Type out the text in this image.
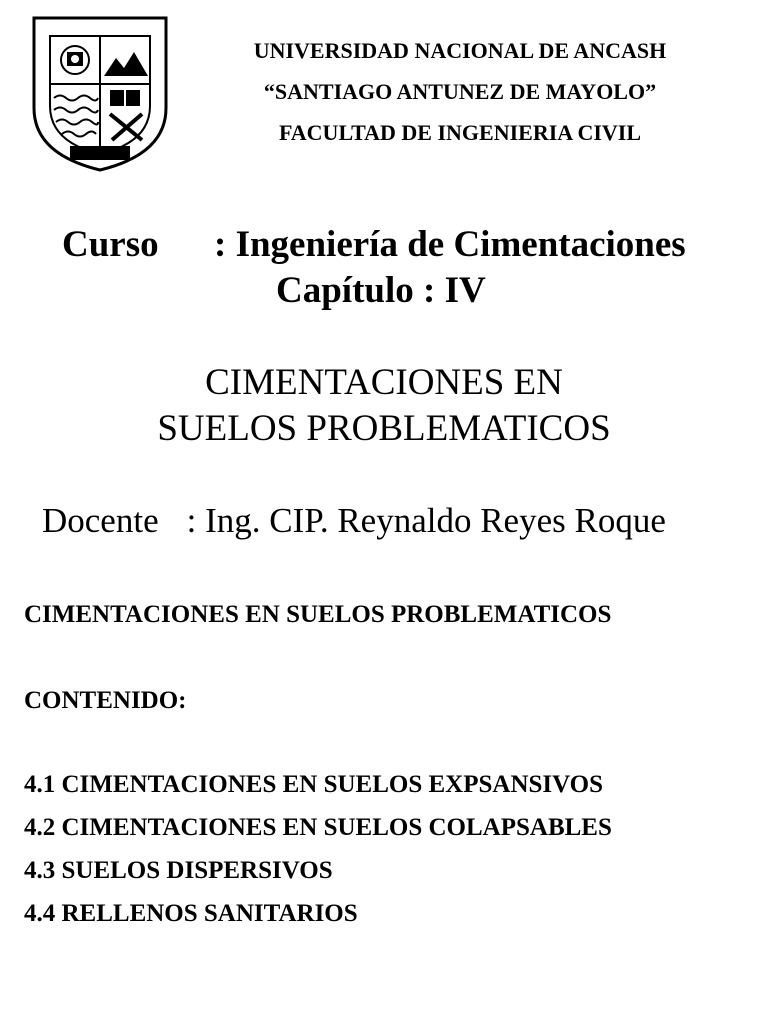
UNIVERSIDAD NACIONAL DE ANCASH
“SANTIAGO ANTUNEZ DE MAYOLO”
FACULTAD DE INGENIERIA CIVIL
Curso : Ingeniería de Cimentaciones
Capítulo : IV
CIMENTACIONES EN
SUELOS PROBLEMATICOS
Docente : Ing. CIP. Reynaldo Reyes Roque
CIMENTACIONES EN SUELOS PROBLEMATICOS
CONTENIDO:
4.1 CIMENTACIONES EN SUELOS EXPSANSIVOS
4.2 CIMENTACIONES EN SUELOS COLAPSABLES
4.3 SUELOS DISPERSIVOS
4.4 RELLENOS SANITARIOS
